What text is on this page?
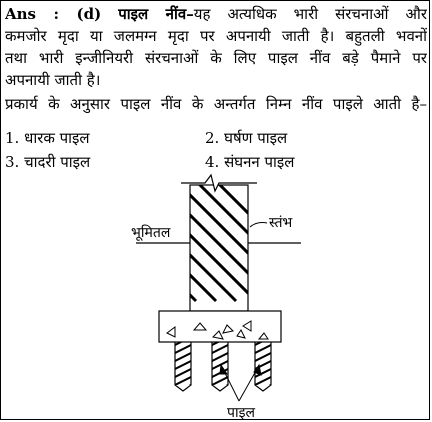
Ans : (d) पाइल नींव–यह अत्यधिक भारी संरचनाओं और
कमजोर मृदा या जलमग्न मृदा पर अपनायी जाती है। बहुतली भवनों
तथा भारी इन्जीनियरी संरचनाओं के लिए पाइल नींव बड़े पैमाने पर
अपनायी जाती है।
प्रकार्य के अनुसार पाइल नींव के अन्तर्गत निम्न नींव पाइले आती है–
1. धारक पाइल	2. घर्षण पाइल
3. चादरी पाइल	4. संघनन पाइल
भूमितल
स्तंभ
पाइल
